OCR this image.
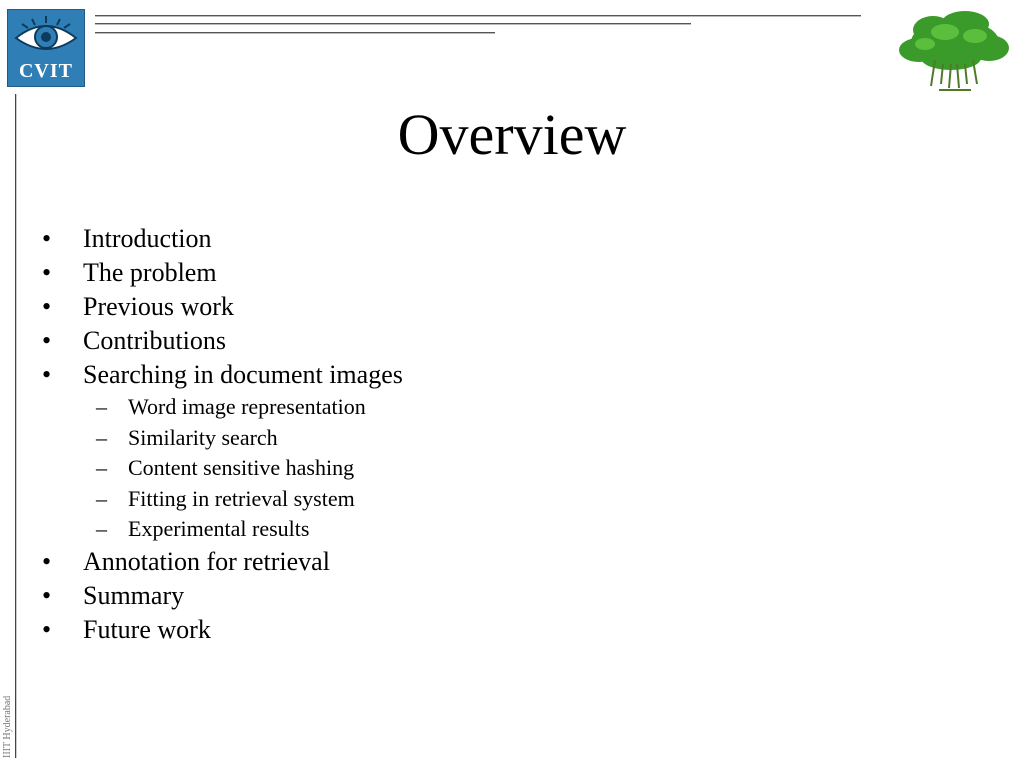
CVIT
IIIT Hyderabad
Overview
• Introduction
• The problem
• Previous work
• Contributions
• Searching in document images
– Word image representation
– Similarity search
– Content sensitive hashing
– Fitting in retrieval system
– Experimental results
• Annotation for retrieval
• Summary
• Future work
